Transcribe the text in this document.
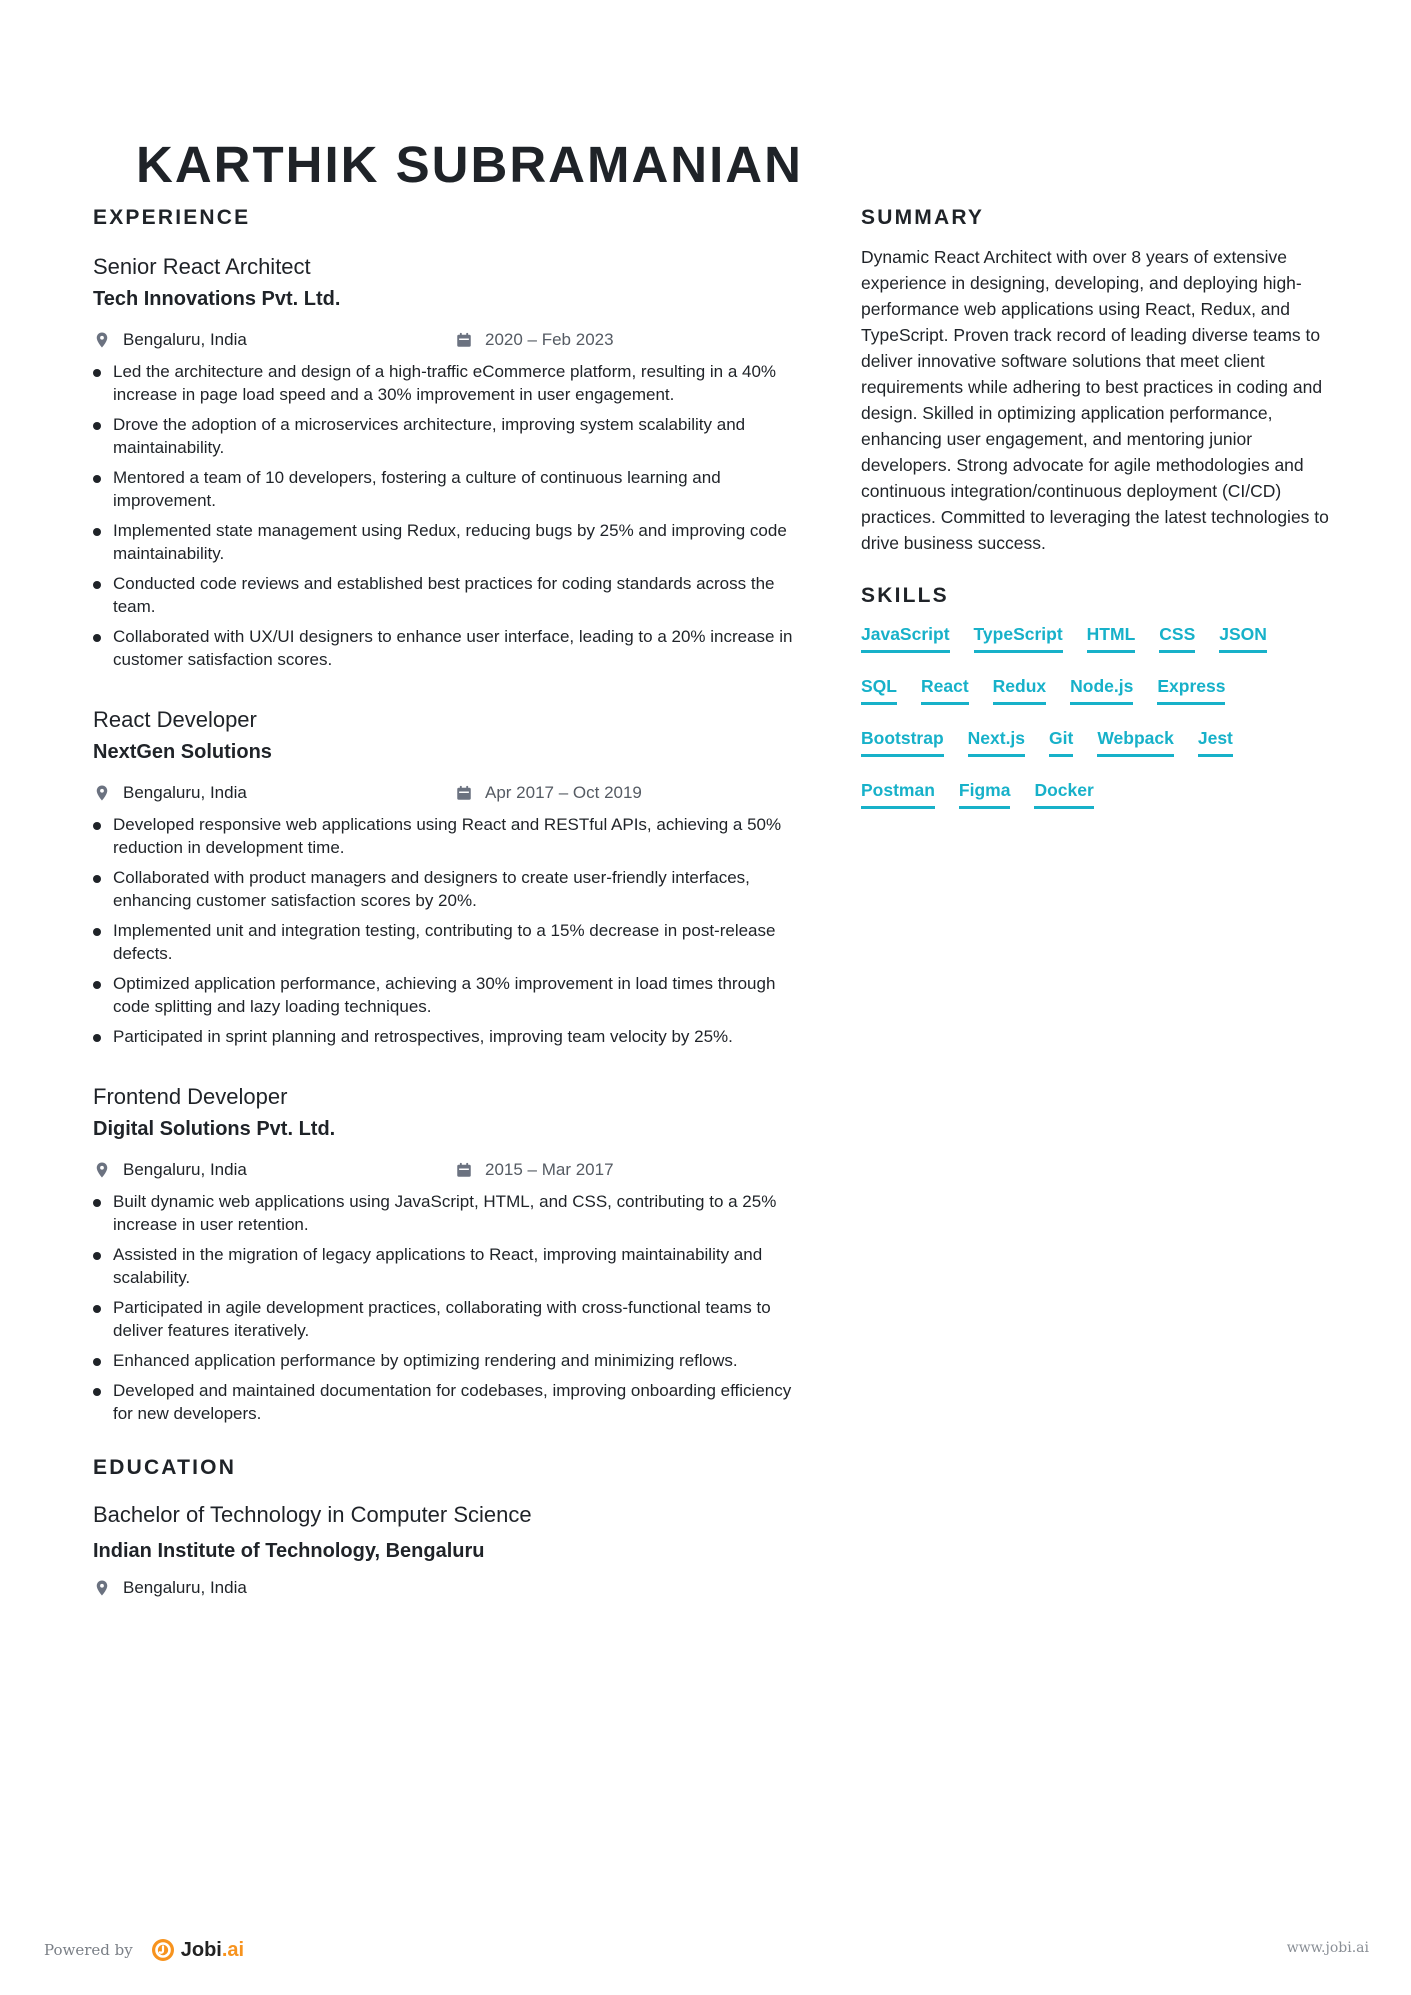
KARTHIK SUBRAMANIAN
EXPERIENCE
Senior React Architect
Tech Innovations Pvt. Ltd.
Bengaluru, India	2020 – Feb 2023
Led the architecture and design of a high-traffic eCommerce platform, resulting in a 40% increase in page load speed and a 30% improvement in user engagement.
Drove the adoption of a microservices architecture, improving system scalability and maintainability.
Mentored a team of 10 developers, fostering a culture of continuous learning and improvement.
Implemented state management using Redux, reducing bugs by 25% and improving code maintainability.
Conducted code reviews and established best practices for coding standards across the team.
Collaborated with UX/UI designers to enhance user interface, leading to a 20% increase in customer satisfaction scores.
React Developer
NextGen Solutions
Bengaluru, India	Apr 2017 – Oct 2019
Developed responsive web applications using React and RESTful APIs, achieving a 50% reduction in development time.
Collaborated with product managers and designers to create user-friendly interfaces, enhancing customer satisfaction scores by 20%.
Implemented unit and integration testing, contributing to a 15% decrease in post-release defects.
Optimized application performance, achieving a 30% improvement in load times through code splitting and lazy loading techniques.
Participated in sprint planning and retrospectives, improving team velocity by 25%.
Frontend Developer
Digital Solutions Pvt. Ltd.
Bengaluru, India	2015 – Mar 2017
Built dynamic web applications using JavaScript, HTML, and CSS, contributing to a 25% increase in user retention.
Assisted in the migration of legacy applications to React, improving maintainability and scalability.
Participated in agile development practices, collaborating with cross-functional teams to deliver features iteratively.
Enhanced application performance by optimizing rendering and minimizing reflows.
Developed and maintained documentation for codebases, improving onboarding efficiency for new developers.
EDUCATION
Bachelor of Technology in Computer Science
Indian Institute of Technology, Bengaluru
Bengaluru, India
SUMMARY
Dynamic React Architect with over 8 years of extensive experience in designing, developing, and deploying high-performance web applications using React, Redux, and TypeScript. Proven track record of leading diverse teams to deliver innovative software solutions that meet client requirements while adhering to best practices in coding and design. Skilled in optimizing application performance, enhancing user engagement, and mentoring junior developers. Strong advocate for agile methodologies and continuous integration/continuous deployment (CI/CD) practices. Committed to leveraging the latest technologies to drive business success.
SKILLS
JavaScript TypeScript HTML CSS JSON
SQL React Redux Node.js Express
Bootstrap Next.js Git Webpack Jest
Postman Figma Docker
Powered by Jobi.ai	www.jobi.ai
